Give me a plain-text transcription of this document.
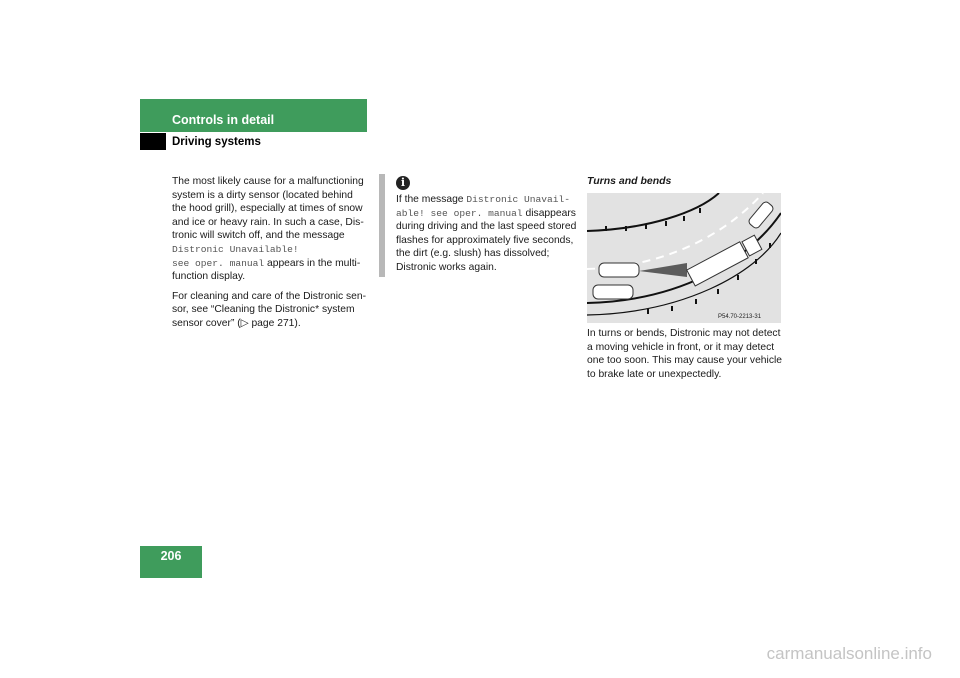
Controls in detail
Driving systems

The most likely cause for a malfunctioning system is a dirty sensor (located behind the hood grill), especially at times of snow and ice or heavy rain. In such a case, Distronic will switch off, and the message
Distronic Unavailable!
see oper. manual appears in the multifunction display.

For cleaning and care of the Distronic sensor, see “Cleaning the Distronic* system sensor cover” (▷ page 271).

i
If the message Distronic Unavailable! see oper. manual disappears during driving and the last speed stored flashes for approximately five seconds, the dirt (e.g. slush) has dissolved; Distronic works again.
Turns and bends
P54.70-2213-31
In turns or bends, Distronic may not detect a moving vehicle in front, or it may detect one too soon. This may cause your vehicle to brake late or unexpectedly.
206
carmanualsonline.info
